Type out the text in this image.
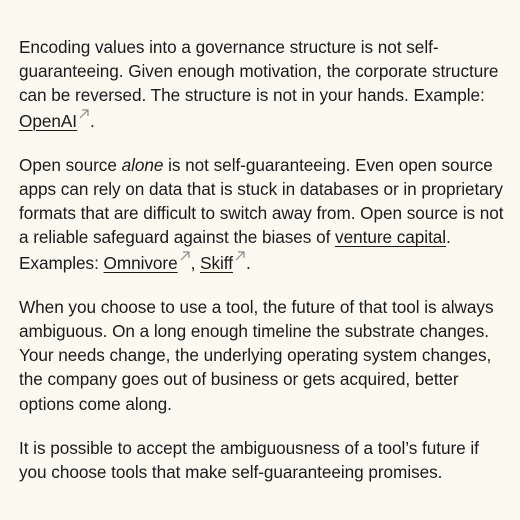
Encoding values into a governance structure is not self-guaranteeing. Given enough motivation, the corporate structure can be reversed. The structure is not in your hands. Example: OpenAI .

Open source alone is not self-guaranteeing. Even open source apps can rely on data that is stuck in databases or in proprietary formats that are difficult to switch away from. Open source is not a reliable safeguard against the biases of venture capital. Examples: Omnivore , Skiff .

When you choose to use a tool, the future of that tool is always ambiguous. On a long enough timeline the substrate changes. Your needs change, the underlying operating system changes, the company goes out of business or gets acquired, better options come along.

It is possible to accept the ambiguousness of a tool’s future if you choose tools that make self-guaranteeing promises.
